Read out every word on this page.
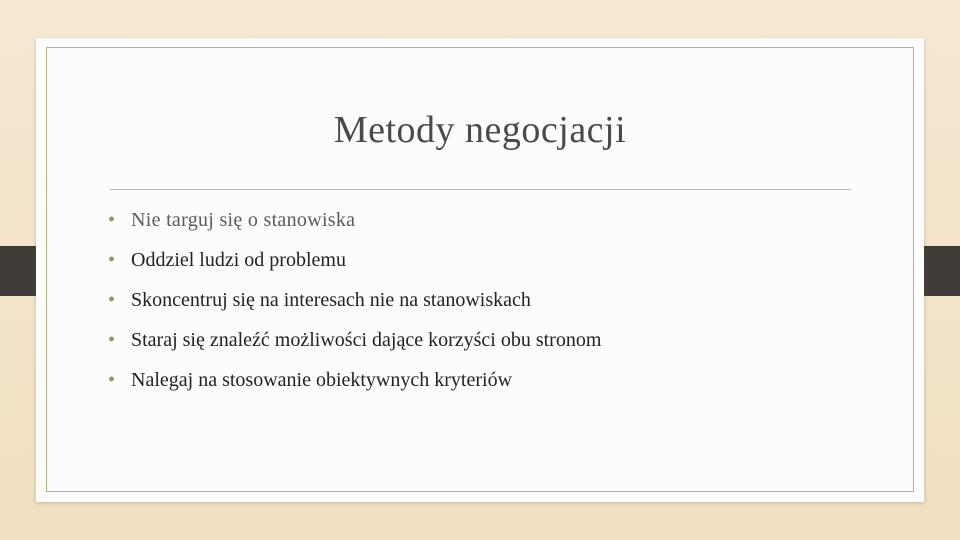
Metody negocjacji
• Nie targuj się o stanowiska
• Oddziel ludzi od problemu
• Skoncentruj się na interesach nie na stanowiskach
• Staraj się znaleźć możliwości dające korzyści obu stronom
• Nalegaj na stosowanie obiektywnych kryteriów
